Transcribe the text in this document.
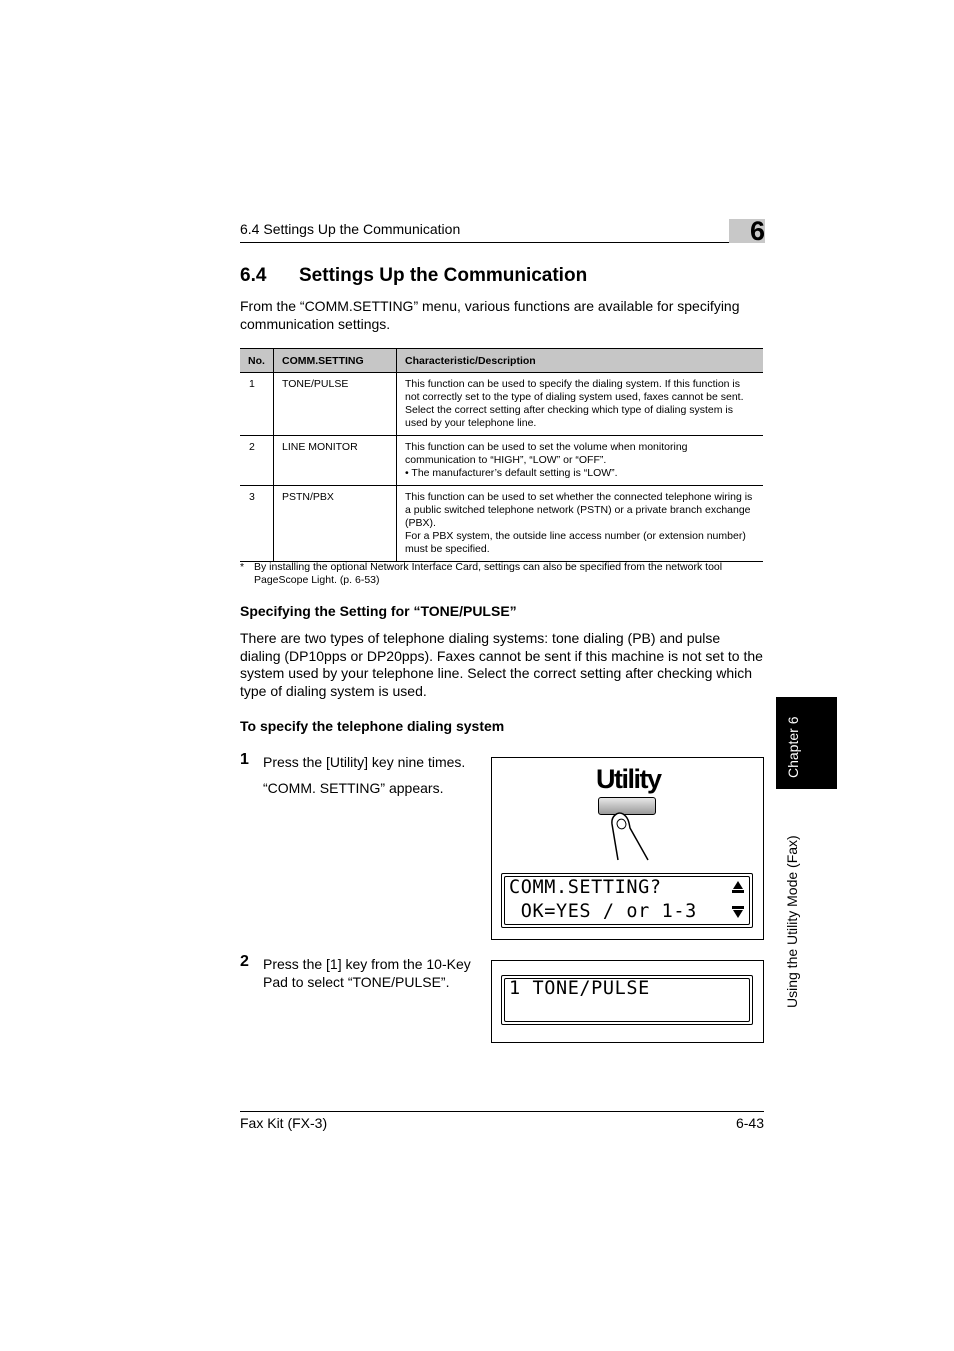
6.4 Settings Up the Communication	6
6.4 Settings Up the Communication
From the “COMM.SETTING” menu, various functions are available for specifying communication settings.
No.	COMM.SETTING	Characteristic/Description
1	TONE/PULSE	This function can be used to specify the dialing system. If this function is not correctly set to the type of dialing system used, faxes cannot be sent. Select the correct setting after checking which type of dialing system is used by your telephone line.

2	LINE MONITOR	This function can be used to set the volume when monitoring communication to “HIGH”, “LOW” or “OFF”.
• The manufacturer’s default setting is “LOW”.

3	PSTN/PBX	This function can be used to set whether the connected telephone wiring is a public switched telephone network (PSTN) or a private branch exchange (PBX).
For a PBX system, the outside line access number (or extension number) must be specified.
* By installing the optional Network Interface Card, settings can also be specified from the network tool PageScope Light. (p. 6-53)
Specifying the Setting for “TONE/PULSE”
There are two types of telephone dialing systems: tone dialing (PB) and pulse dialing (DP10pps or DP20pps). Faxes cannot be sent if this machine is not set to the system used by your telephone line. Select the correct setting after checking which type of dialing system is used.
To specify the telephone dialing system
1 Press the [Utility] key nine times.
“COMM. SETTING” appears.
2 Press the [1] key from the 10-Key Pad to select “TONE/PULSE”.
Utility
COMM.SETTING?
OK=YES / or 1-3
1 TONE/PULSE
Chapter 6
Using the Utility Mode (Fax)
Fax Kit (FX-3)	6-43
